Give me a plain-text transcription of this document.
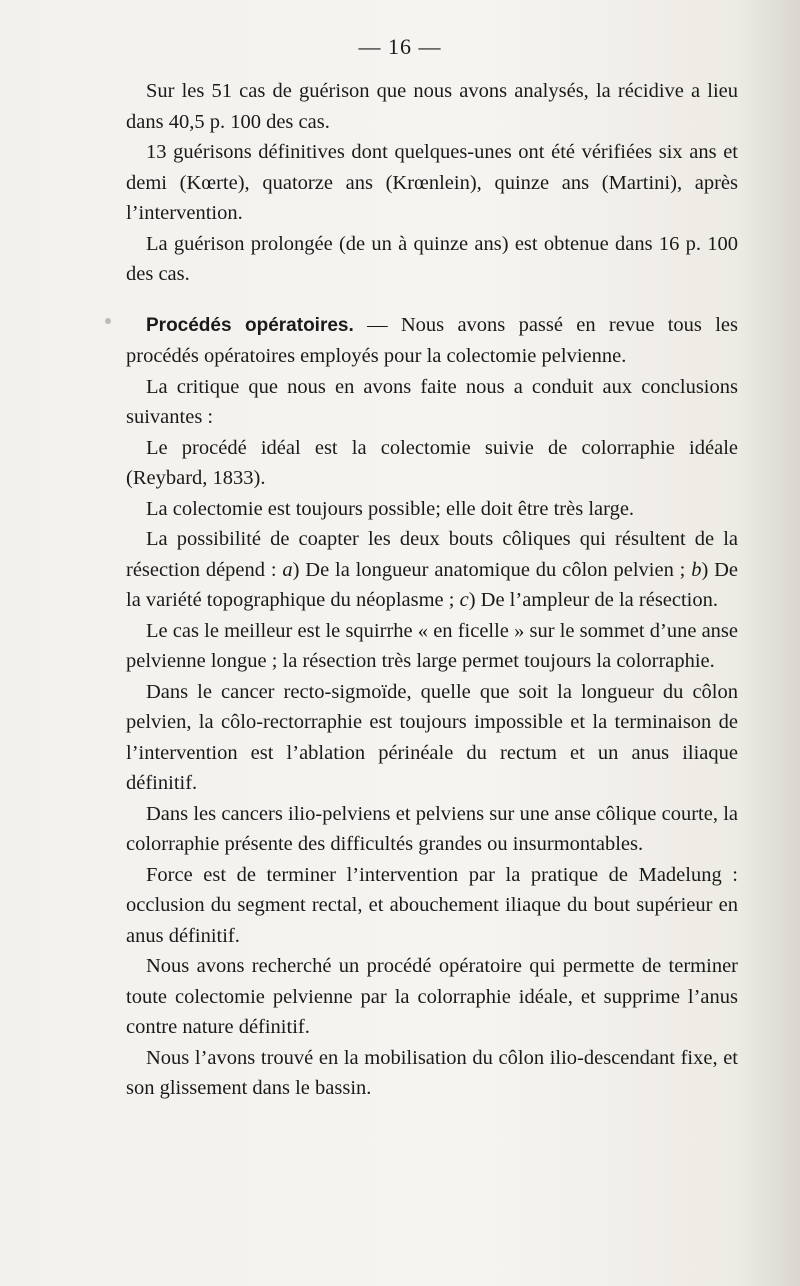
— 16 —

Sur les 51 cas de guérison que nous avons analysés, la récidive a lieu dans 40,5 p. 100 des cas.

13 guérisons définitives dont quelques-unes ont été vérifiées six ans et demi (Kœrte), quatorze ans (Krœnlein), quinze ans (Martini), après l’intervention.

La guérison prolongée (de un à quinze ans) est obtenue dans 16 p. 100 des cas.

Procédés opératoires. — Nous avons passé en revue tous les procédés opératoires employés pour la colectomie pelvienne.

La critique que nous en avons faite nous a conduit aux conclusions suivantes :

Le procédé idéal est la colectomie suivie de colorraphie idéale (Reybard, 1833).

La colectomie est toujours possible; elle doit être très large.

La possibilité de coapter les deux bouts côliques qui résultent de la résection dépend : a) De la longueur anatomique du côlon pelvien ; b) De la variété topographique du néoplasme ; c) De l’ampleur de la résection.

Le cas le meilleur est le squirrhe « en ficelle » sur le sommet d’une anse pelvienne longue ; la résection très large permet toujours la colorraphie.

Dans le cancer recto-sigmoïde, quelle que soit la longueur du côlon pelvien, la côlo-rectorraphie est toujours impossible et la terminaison de l’intervention est l’ablation périnéale du rectum et un anus iliaque définitif.

Dans les cancers ilio-pelviens et pelviens sur une anse côlique courte, la colorraphie présente des difficultés grandes ou insurmontables.

Force est de terminer l’intervention par la pratique de Madelung : occlusion du segment rectal, et abouchement iliaque du bout supérieur en anus définitif.

Nous avons recherché un procédé opératoire qui permette de terminer toute colectomie pelvienne par la colorraphie idéale, et supprime l’anus contre nature définitif.

Nous l’avons trouvé en la mobilisation du côlon ilio-descendant fixe, et son glissement dans le bassin.
